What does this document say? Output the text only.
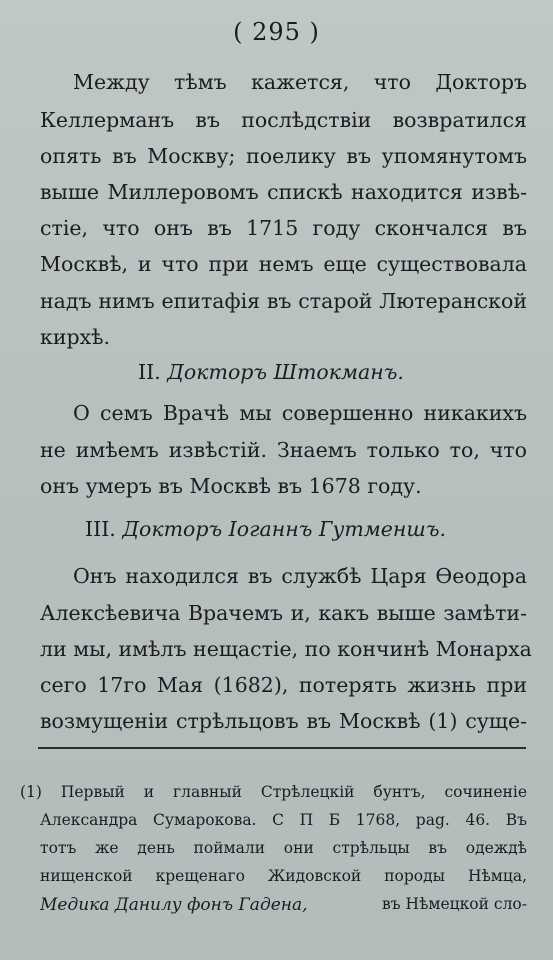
( 295 )
Между тѣмъ кажется, что Докторъ
Келлерманъ въ послѣдствіи возвратился
опять въ Москву; поелику въ упомянутомъ
выше Миллеровомъ спискѣ находится извѣ-
стіе, что онъ въ 1715 году скончался въ
Москвѣ, и что при немъ еще существовала
надъ нимъ епитафія въ старой Лютеранской
кирхѣ.
II. Докторъ Штокманъ.
О семъ Врачѣ мы совершенно никакихъ
не имѣемъ извѣстій. Знаемъ только то, что
онъ умеръ въ Москвѣ въ 1678 году.
III. Докторъ Іоганнъ Гутменшъ.
Онъ находился въ службѣ Царя Ѳеодора
Алексѣевича Врачемъ и, какъ выше замѣти-
ли мы, имѣлъ нещастіе, по кончинѣ Монарха
сего 17го Мая (1682), потерять жизнь при
возмущеніи стрѣльцовъ въ Москвѣ (1) суще-
(1) Первый и главный Стрѣлецкій бунтъ, сочиненіе
Александра Сумарокова. С П Б 1768, pag. 46. Въ
тотъ же день поймали они стрѣльцы въ одеждѣ
нищенской крещенаго Жидовской породы Нѣмца,
Медика Данилу фонъ Гадена,	въ Нѣмецкой сло-
